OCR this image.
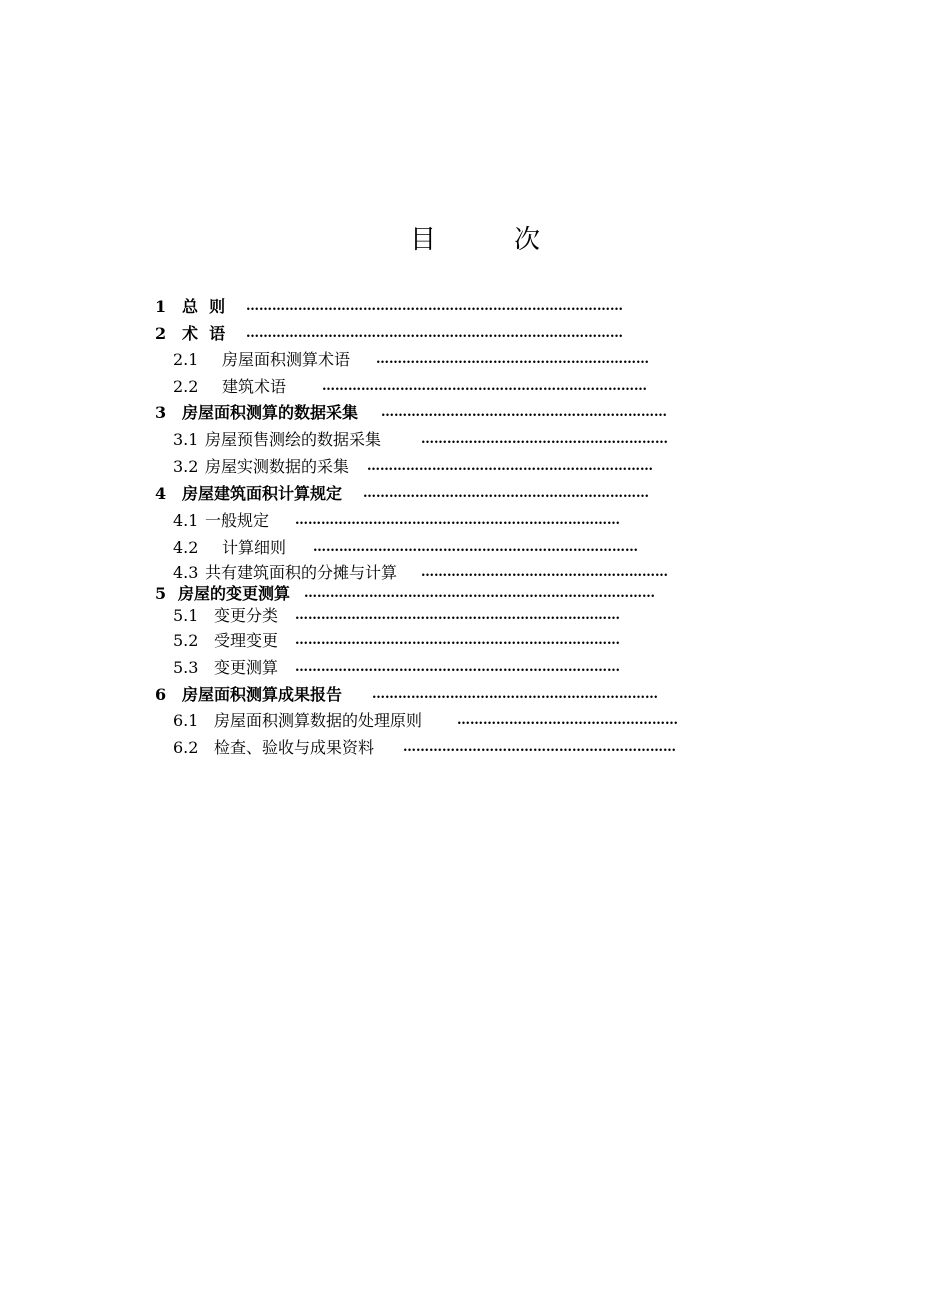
目　次
1 总  则 ……………………………………………………………………………
2 术  语 ……………………………………………………………………………
2.1 房屋面积测算术语 ………………………………………………………
2.2 建筑术语	…………………………………………………………………
3 房屋面积测算的数据采集 …………………………………………………………
3.1 房屋预售测绘的数据采集	…………………………………………………
3.2 房屋实测数据的采集 …………………………………………………………
4 房屋建筑面积计算规定 …………………………………………………………
4.1 一般规定 …………………………………………………………………
4.2 计算细则 …………………………………………………………………
4.3 共有建筑面积的分摊与计算 …………………………………………………
5 房屋的变更测算 ………………………………………………………………………
5.1 变更分类 …………………………………………………………………
5.2 受理变更 …………………………………………………………………
5.3 变更测算 …………………………………………………………………
6 房屋面积测算成果报告 …………………………………………………………
6.1 房屋面积测算数据的处理原则	……………………………………………
6.2 检查、验收与成果资料 ………………………………………………………
